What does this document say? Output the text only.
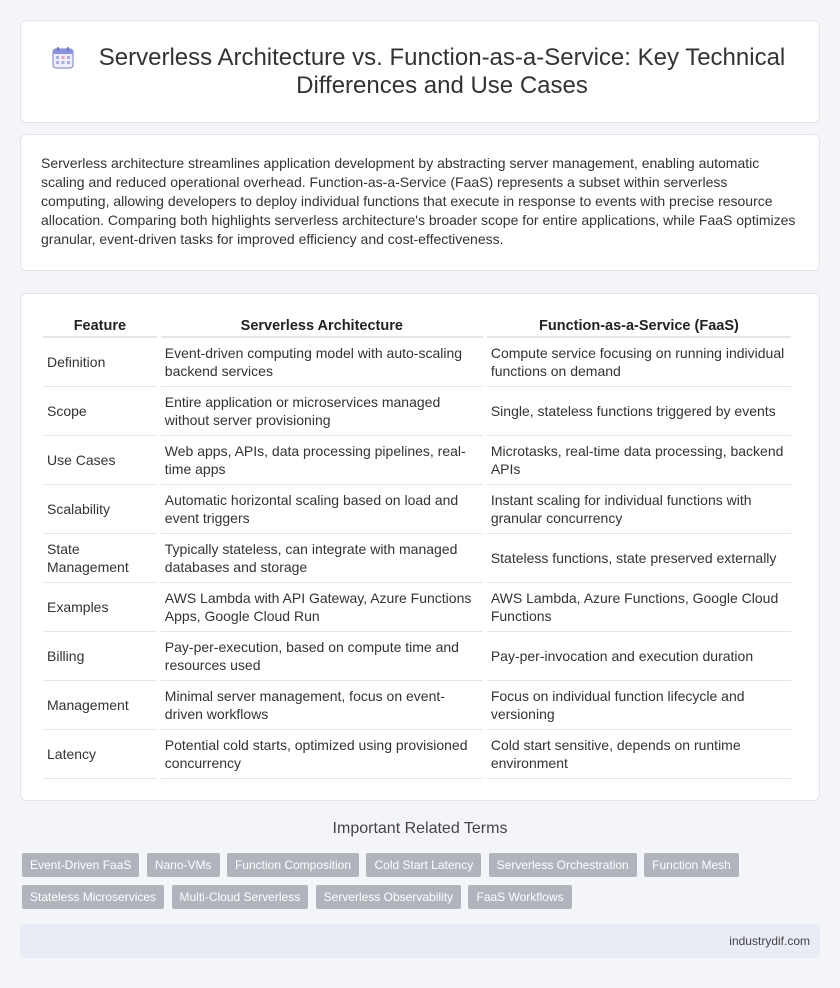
Serverless Architecture vs. Function-as-a-Service: Key Technical Differences and Use Cases

Serverless architecture streamlines application development by abstracting server management, enabling automatic scaling and reduced operational overhead. Function-as-a-Service (FaaS) represents a subset within serverless computing, allowing developers to deploy individual functions that execute in response to events with precise resource allocation. Comparing both highlights serverless architecture's broader scope for entire applications, while FaaS optimizes granular, event-driven tasks for improved efficiency and cost-effectiveness.

Feature	Serverless Architecture	Function-as-a-Service (FaaS)
Definition	Event-driven computing model with auto-scaling backend services	Compute service focusing on running individual functions on demand
Scope	Entire application or microservices managed without server provisioning	Single, stateless functions triggered by events
Use Cases	Web apps, APIs, data processing pipelines, real-time apps	Microtasks, real-time data processing, backend APIs
Scalability	Automatic horizontal scaling based on load and event triggers	Instant scaling for individual functions with granular concurrency
State Management	Typically stateless, can integrate with managed databases and storage	Stateless functions, state preserved externally
Examples	AWS Lambda with API Gateway, Azure Functions Apps, Google Cloud Run	AWS Lambda, Azure Functions, Google Cloud Functions
Billing	Pay-per-execution, based on compute time and resources used	Pay-per-invocation and execution duration
Management	Minimal server management, focus on event-driven workflows	Focus on individual function lifecycle and versioning
Latency	Potential cold starts, optimized using provisioned concurrency	Cold start sensitive, depends on runtime environment
Important Related Terms
Event-Driven FaaS Nano-VMs Function Composition Cold Start Latency Serverless Orchestration Function Mesh Stateless Microservices Multi-Cloud Serverless Serverless Observability FaaS Workflows
industrydif.com
